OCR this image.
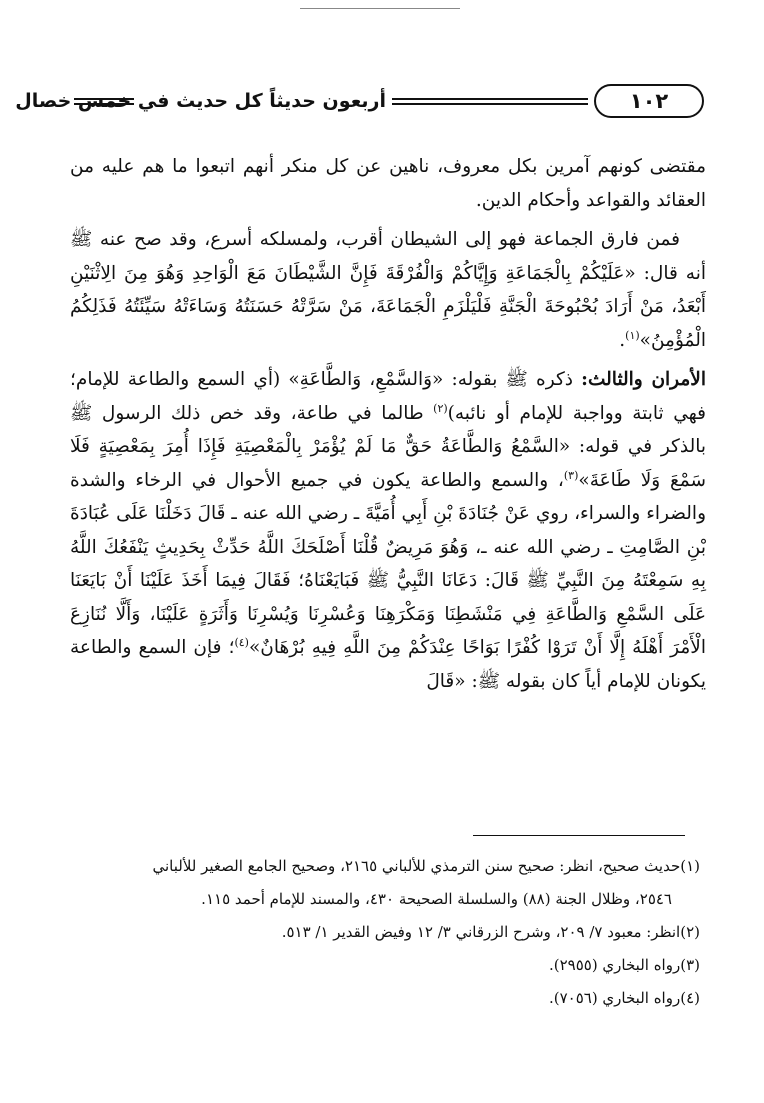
أربعون حديثاً كل حديث في خمس خصال	١٠٢

مقتضى كونهم آمرين بكل معروف، ناهين عن كل منكر أنهم اتبعوا ما هم عليه من العقائد والقواعد وأحكام الدين.

فمن فارق الجماعة فهو إلى الشيطان أقرب، ولمسلكه أسرع، وقد صح عنه ﷺ أنه قال: «عَلَيْكُمْ بِالْجَمَاعَةِ وَإِيَّاكُمْ وَالْفُرْقَةَ فَإِنَّ الشَّيْطَانَ مَعَ الْوَاحِدِ وَهُوَ مِنَ الِاثْنَيْنِ أَبْعَدُ، مَنْ أَرَادَ بُحْبُوحَةَ الْجَنَّةِ فَلْيَلْزَمِ الْجَمَاعَةَ، مَنْ سَرَّتْهُ حَسَنَتُهُ وَسَاءَتْهُ سَيِّئَتُهُ فَذَلِكُمُ الْمُؤْمِنُ»$^{(١)}$.

الأمران والثالث: ذكره ﷺ بقوله: «وَالسَّمْعِ، وَالطَّاعَةِ» (أي السمع والطاعة للإمام؛ فهي ثابتة وواجبة للإمام أو نائبه)$^{(٢)}$ طالما في طاعة، وقد خص ذلك الرسول ﷺ بالذكر في قوله: «السَّمْعُ وَالطَّاعَةُ حَقٌّ مَا لَمْ يُؤْمَرْ بِالْمَعْصِيَةِ فَإِذَا أُمِرَ بِمَعْصِيَةٍ فَلَا سَمْعَ وَلَا طَاعَةَ»$^{(٣)}$، والسمع والطاعة يكون في جميع الأحوال في الرخاء والشدة والضراء والسراء، روي عَنْ جُنَادَةَ بْنِ أَبِي أُمَيَّةَ ـ رضي الله عنه ـ قَالَ دَخَلْنَا عَلَى عُبَادَةَ بْنِ الصَّامِتِ ـ رضي الله عنه ـ، وَهُوَ مَرِيضٌ قُلْنَا أَصْلَحَكَ اللَّهُ حَدِّثْ بِحَدِيثٍ يَنْفَعُكَ اللَّهُ بِهِ سَمِعْتَهُ مِنَ النَّبِيِّ ﷺ قَالَ: دَعَانَا النَّبِيُّ ﷺ فَبَايَعْنَاهُ؛ فَقَالَ فِيمَا أَخَذَ عَلَيْنَا أَنْ بَايَعَنَا عَلَى السَّمْعِ وَالطَّاعَةِ فِي مَنْشَطِنَا وَمَكْرَهِنَا وَعُسْرِنَا وَيُسْرِنَا وَأَثَرَةٍ عَلَيْنَا، وَأَلَّا نُنَازِعَ الْأَمْرَ أَهْلَهُ إِلَّا أَنْ تَرَوْا كُفْرًا بَوَاحًا عِنْدَكُمْ مِنَ اللَّهِ فِيهِ بُرْهَانٌ»$^{(٤)}$؛ فإن السمع والطاعة يكونان للإمام أياً كان بقوله ﷺ: «قَالَ

(١)حديث صحيح، انظر: صحيح سنن الترمذي للألباني ٢١٦٥، وصحيح الجامع الصغير للألباني

٢٥٤٦، وظلال الجنة (٨٨) والسلسلة الصحيحة ٤٣٠، والمسند للإمام أحمد ١١٥.

(٢)انظر: معبود ٧/ ٢٠٩، وشرح الزرقاني ٣/ ١٢ وفيض القدير ١/ ٥١٣.

(٣)رواه البخاري (٢٩٥٥).

(٤)رواه البخاري (٧٠٥٦).
